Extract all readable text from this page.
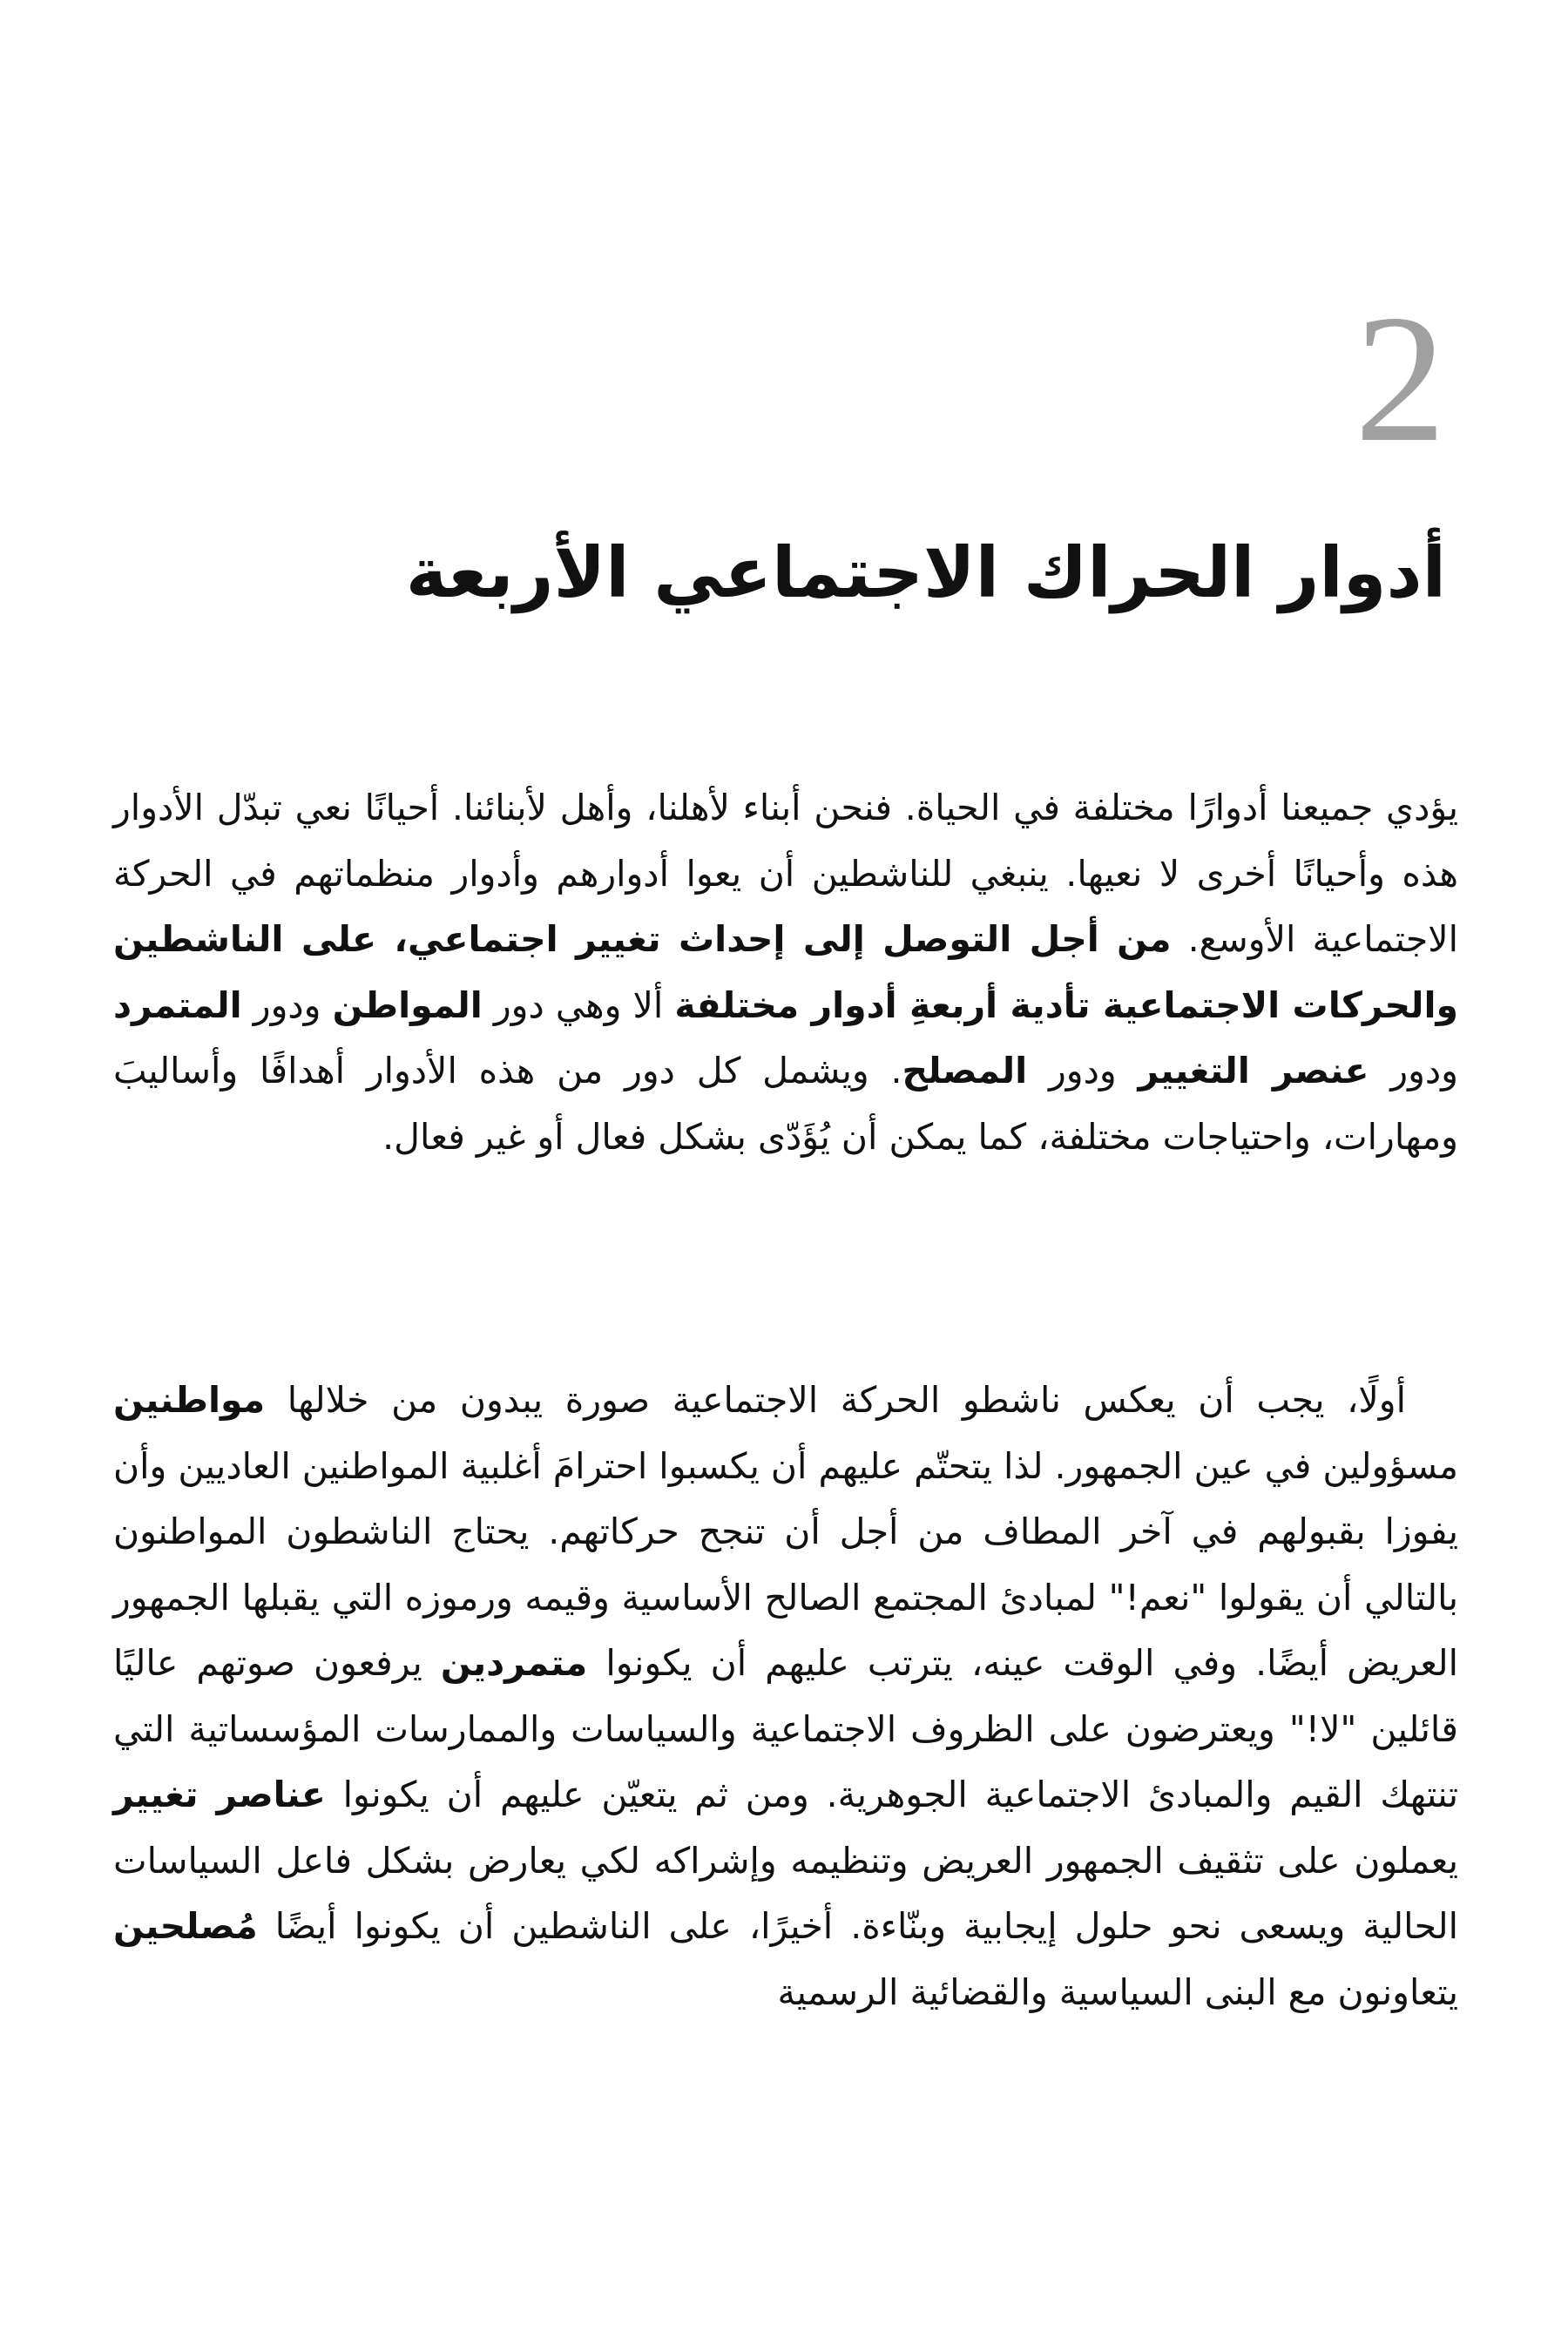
2
أدوار الحراك الاجتماعي الأربعة

يؤدي جميعنا أدوارًا مختلفة في الحياة. فنحن أبناء لأهلنا، وأهل لأبنائنا. أحيانًا نعي تبدّل الأدوار هذه وأحيانًا أخرى لا نعيها. ينبغي للناشطين أن يعوا أدوارهم وأدوار منظماتهم في الحركة الاجتماعية الأوسع. من أجل التوصل إلى إحداث تغيير اجتماعي، على الناشطين والحركات الاجتماعية تأدية أربعةِ أدوار مختلفة ألا وهي دور المواطن ودور المتمرد ودور عنصر التغيير ودور المصلح. ويشمل كل دور من هذه الأدوار أهدافًا وأساليبَ ومهارات، واحتياجات مختلفة، كما يمكن أن يُؤَدّى بشكل فعال أو غير فعال.

أولًا، يجب أن يعكس ناشطو الحركة الاجتماعية صورة يبدون من خلالها مواطنين مسؤولين في عين الجمهور. لذا يتحتّم عليهم أن يكسبوا احترامَ أغلبية المواطنين العاديين وأن يفوزا بقبولهم في آخر المطاف من أجل أن تنجح حركاتهم. يحتاج الناشطون المواطنون بالتالي أن يقولوا "نعم!" لمبادئ المجتمع الصالح الأساسية وقيمه ورموزه التي يقبلها الجمهور العريض أيضًا. وفي الوقت عينه، يترتب عليهم أن يكونوا متمردين يرفعون صوتهم عاليًا قائلين "لا!" ويعترضون على الظروف الاجتماعية والسياسات والممارسات المؤسساتية التي تنتهك القيم والمبادئ الاجتماعية الجوهرية. ومن ثم يتعيّن عليهم أن يكونوا عناصر تغيير يعملون على تثقيف الجمهور العريض وتنظيمه وإشراكه لكي يعارض بشكل فاعل السياسات الحالية ويسعى نحو حلول إيجابية وبنّاءة. أخيرًا، على الناشطين أن يكونوا أيضًا مُصلحين يتعاونون مع البنى السياسية والقضائية الرسمية
